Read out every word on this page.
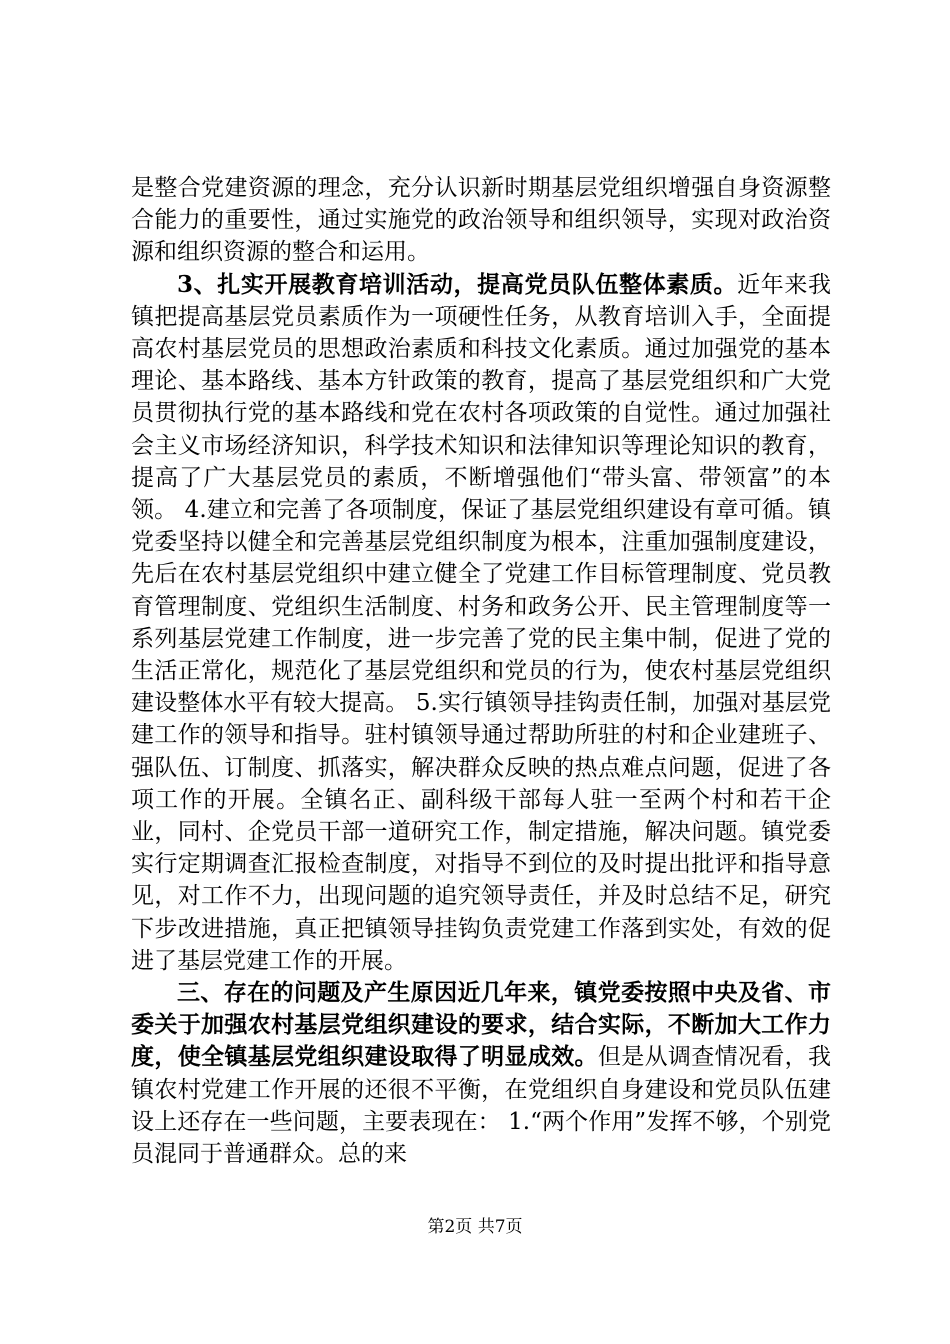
是整合党建资源的理念，充分认识新时期基层党组织增强自身资源整合能力的重要性，通过实施党的政治领导和组织领导，实现对政治资源和组织资源的整合和运用。

3、扎实开展教育培训活动，提高党员队伍整体素质。近年来我镇把提高基层党员素质作为一项硬性任务，从教育培训入手，全面提高农村基层党员的思想政治素质和科技文化素质。通过加强党的基本理论、基本路线、基本方针政策的教育，提高了基层党组织和广大党员贯彻执行党的基本路线和党在农村各项政策的自觉性。通过加强社会主义市场经济知识，科学技术知识和法律知识等理论知识的教育，提高了广大基层党员的素质，不断增强他们“带头富、带领富”的本领。 4.建立和完善了各项制度，保证了基层党组织建设有章可循。镇党委坚持以健全和完善基层党组织制度为根本，注重加强制度建设，先后在农村基层党组织中建立健全了党建工作目标管理制度、党员教育管理制度、党组织生活制度、村务和政务公开、民主管理制度等一系列基层党建工作制度，进一步完善了党的民主集中制，促进了党的生活正常化，规范化了基层党组织和党员的行为，使农村基层党组织建设整体水平有较大提高。 5.实行镇领导挂钩责任制，加强对基层党建工作的领导和指导。驻村镇领导通过帮助所驻的村和企业建班子、强队伍、订制度、抓落实，解决群众反映的热点难点问题，促进了各项工作的开展。全镇名正、副科级干部每人驻一至两个村和若干企业，同村、企党员干部一道研究工作，制定措施，解决问题。镇党委实行定期调查汇报检查制度，对指导不到位的及时提出批评和指导意见，对工作不力，出现问题的追究领导责任，并及时总结不足，研究下步改进措施，真正把镇领导挂钩负责党建工作落到实处，有效的促进了基层党建工作的开展。

三、存在的问题及产生原因近几年来，镇党委按照中央及省、市委关于加强农村基层党组织建设的要求，结合实际，不断加大工作力度，使全镇基层党组织建设取得了明显成效。但是从调查情况看，我镇农村党建工作开展的还很不平衡，在党组织自身建设和党员队伍建设上还存在一些问题，主要表现在： 1.“两个作用”发挥不够，个别党员混同于普通群众。总的来

第2页 共7页
